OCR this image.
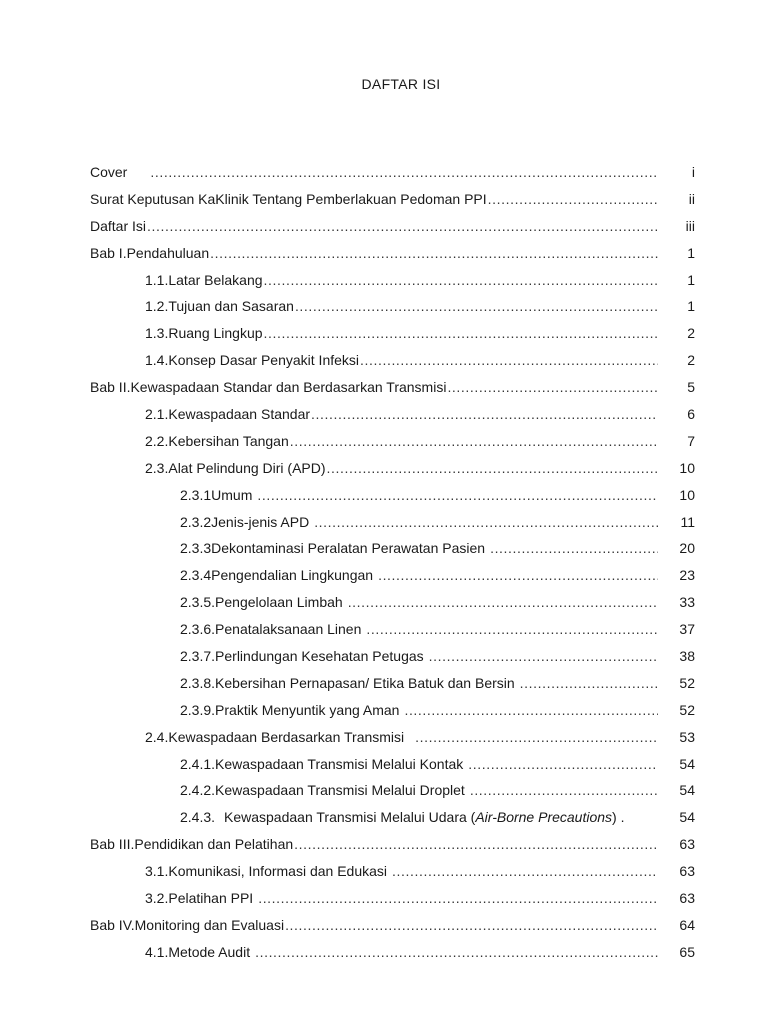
DAFTAR ISI
Cover .....	i
Surat Keputusan KaKlinik Tentang Pemberlakuan Pedoman PPI .....	ii
Daftar Isi .....	iii
Bab I. Pendahuluan .....	1
1.1. Latar Belakang .....	1
1.2. Tujuan dan Sasaran .....	1
1.3. Ruang Lingkup .....	2
1.4. Konsep Dasar Penyakit Infeksi .....	2
Bab II. Kewaspadaan Standar dan Berdasarkan Transmisi .....	5
2.1. Kewaspadaan Standar .....	6
2.2. Kebersihan Tangan .....	7
2.3. Alat Pelindung Diri (APD) .....	10
2.3.1 Umum .....	10
2.3.2 Jenis-jenis APD .....	11
2.3.3 Dekontaminasi Peralatan Perawatan Pasien .....	20
2.3.4 Pengendalian Lingkungan .....	23
2.3.5. Pengelolaan Limbah .....	33
2.3.6. Penatalaksanaan Linen .....	37
2.3.7. Perlindungan Kesehatan Petugas .....	38
2.3.8. Kebersihan Pernapasan/ Etika Batuk dan Bersin .....	52
2.3.9. Praktik Menyuntik yang Aman .....	52
2.4. Kewaspadaan Berdasarkan Transmisi .....	53
2.4.1. Kewaspadaan Transmisi Melalui Kontak .....	54
2.4.2. Kewaspadaan Transmisi Melalui Droplet .....	54
2.4.3. Kewaspadaan Transmisi Melalui Udara (Air-Borne Precautions) .	54
Bab III. Pendidikan dan Pelatihan .....	63
3.1. Komunikasi, Informasi dan Edukasi .....	63
3.2. Pelatihan PPI .....	63
Bab IV. Monitoring dan Evaluasi .....	64
4.1. Metode Audit .....	65
